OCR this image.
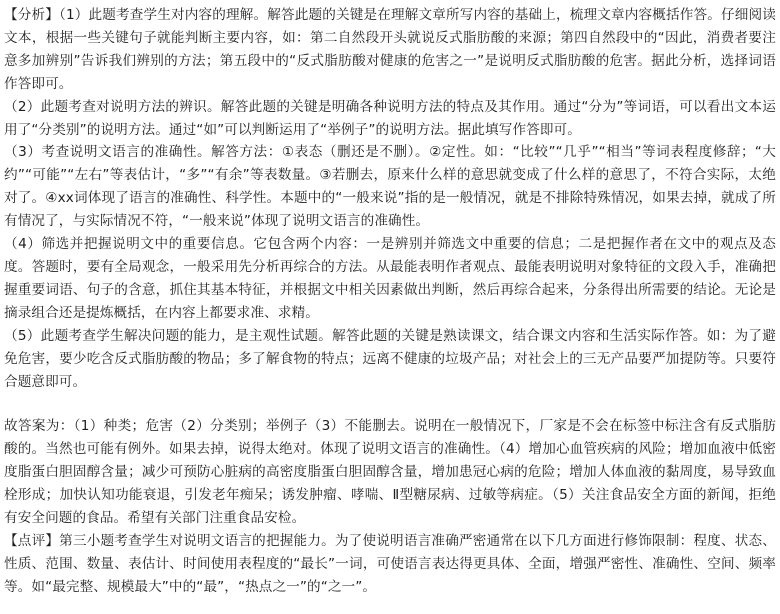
【分析】（1）此题考查学生对内容的理解。解答此题的关键是在理解文章所写内容的基础上，梳理文章内容概括作答。仔细阅读文本，根据一些关键句子就能判断主要内容，如：第二自然段开头就说反式脂肪酸的来源；第四自然段中的“因此，消费者要注意多加辨别”告诉我们辨别的方法；第五段中的“反式脂肪酸对健康的危害之一”是说明反式脂肪酸的危害。据此分析，选择词语作答即可。

（2）此题考查对说明方法的辨识。解答此题的关键是明确各种说明方法的特点及其作用。通过“分为”等词语，可以看出文本运用了“分类别”的说明方法。通过“如”可以判断运用了“举例子”的说明方法。据此填写作答即可。

（3）考查说明文语言的准确性。解答方法：①表态（删还是不删）。②定性。如：“比较”“几乎”“相当”等词表程度修辞；“大约”“可能”“左右”等表估计，“多”“有余”等表数量。③若删去，原来什么样的意思就变成了什么样的意思了，不符合实际，太绝对了。④xx词体现了语言的准确性、科学性。本题中的“一般来说”指的是一般情况，就是不排除特殊情况，如果去掉，就成了所有情况了，与实际情况不符，“一般来说”体现了说明文语言的准确性。

（4）筛选并把握说明文中的重要信息。它包含两个内容：一是辨别并筛选文中重要的信息；二是把握作者在文中的观点及态度。答题时，要有全局观念，一般采用先分析再综合的方法。从最能表明作者观点、最能表明说明对象特征的文段入手，准确把握重要词语、句子的含意，抓住其基本特征，并根据文中相关因素做出判断，然后再综合起来，分条得出所需要的结论。无论是摘录组合还是提炼概括，在内容上都要求准、求精。

（5）此题考查学生解决问题的能力，是主观性试题。解答此题的关键是熟读课文，结合课文内容和生活实际作答。如：为了避免危害，要少吃含反式脂肪酸的物品；多了解食物的特点；远离不健康的垃圾产品；对社会上的三无产品要严加提防等。只要符合题意即可。

故答案为：（1）种类；危害（2）分类别；举例子（3）不能删去。说明在一般情况下，厂家是不会在标签中标注含有反式脂肪酸的。当然也可能有例外。如果去掉，说得太绝对。体现了说明文语言的准确性。（4）增加心血管疾病的风险；增加血液中低密度脂蛋白胆固醇含量；减少可预防心脏病的高密度脂蛋白胆固醇含量，增加患冠心病的危险；增加人体血液的黏周度，易导致血栓形成；加快认知功能衰退，引发老年痴呆；诱发肿瘤、哮喘、Ⅱ型糖尿病、过敏等病症。（5）关注食品安全方面的新闻，拒绝有安全问题的食品。希望有关部门注重食品安检。

【点评】第三小题考查学生对说明文语言的把握能力。为了使说明语言准确严密通常在以下几方面进行修饰限制：程度、状态、性质、范围、数量、表估计、时间使用表程度的“最长”一词，可使语言表达得更具体、全面，增强严密性、准确性、空间、频率等。如“最完整、规模最大”中的“最”，“热点之一”的“之一”。
